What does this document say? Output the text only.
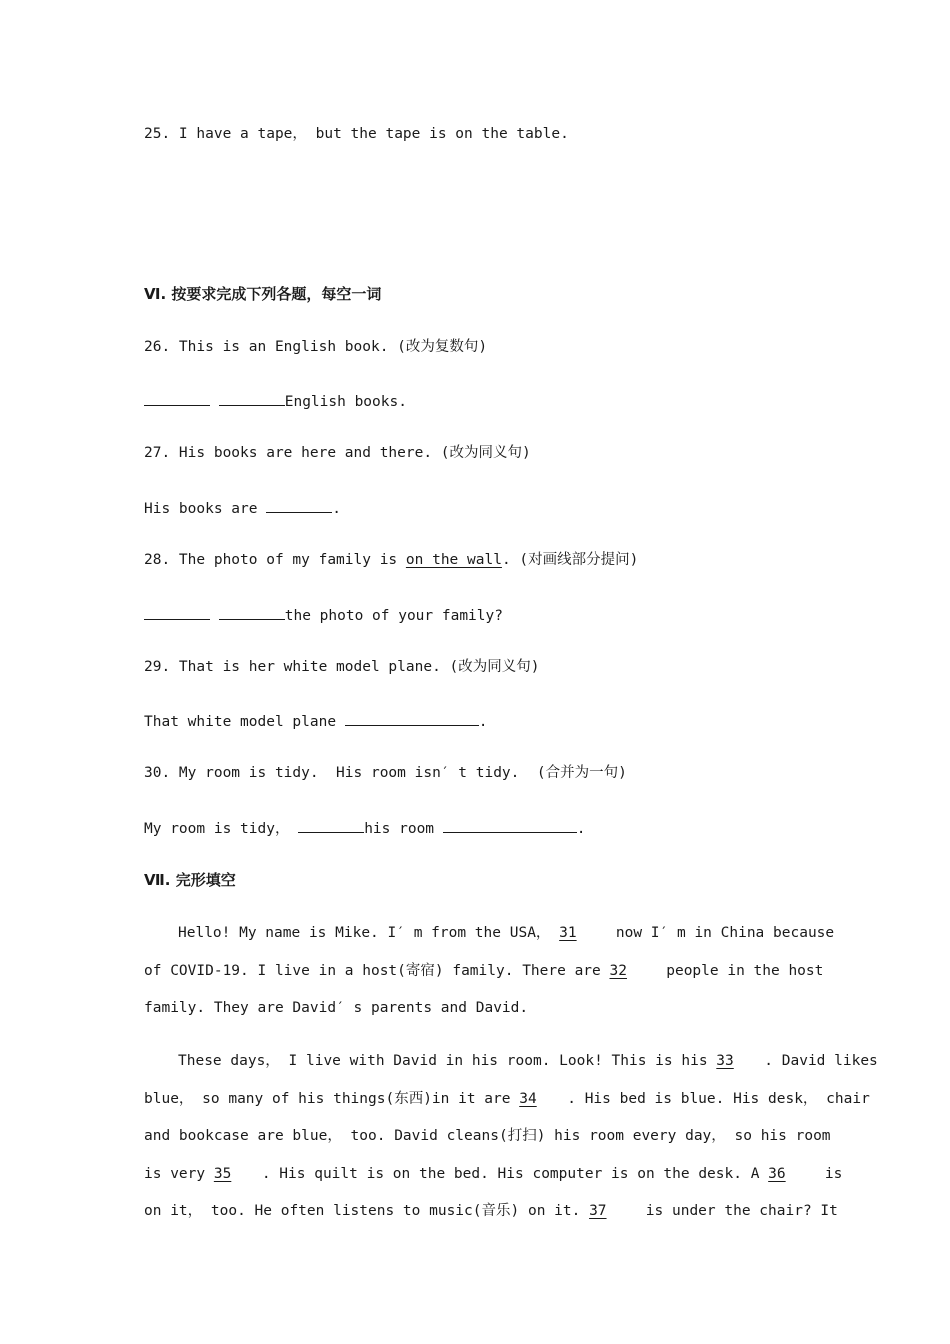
25. I have a tape， but the tape is on the table.
Ⅵ. 按要求完成下列各题，每空一词
26. This is an English book. (改为复数句)
English books.
27. His books are here and there. (改为同义句)
His books are	.
28. The photo of my family is on the wall. (对画线部分提问)
the photo of your family?
29. That is her white model plane. (改为同义句)
That white model plane	.
30. My room is tidy.  His room isn′ t tidy.  (合并为一句)
My room is tidy，	his room	.
Ⅶ. 完形填空
Hello! My name is Mike. I′ m from the USA， 31 now I′ m in China because
of COVID-19. I live in a host(寄宿) family. There are 32 people in the host
family. They are David′ s parents and David.
These days， I live with David in his room. Look! This is his 33 . David likes
blue， so many of his things(东西)in it are 34 . His bed is blue. His desk， chair
and bookcase are blue， too. David cleans(打扫) his room every day， so his room
is very 35 . His quilt is on the bed. His computer is on the desk. A 36 is
on it， too. He often listens to music(音乐) on it. 37 is under the chair? It
